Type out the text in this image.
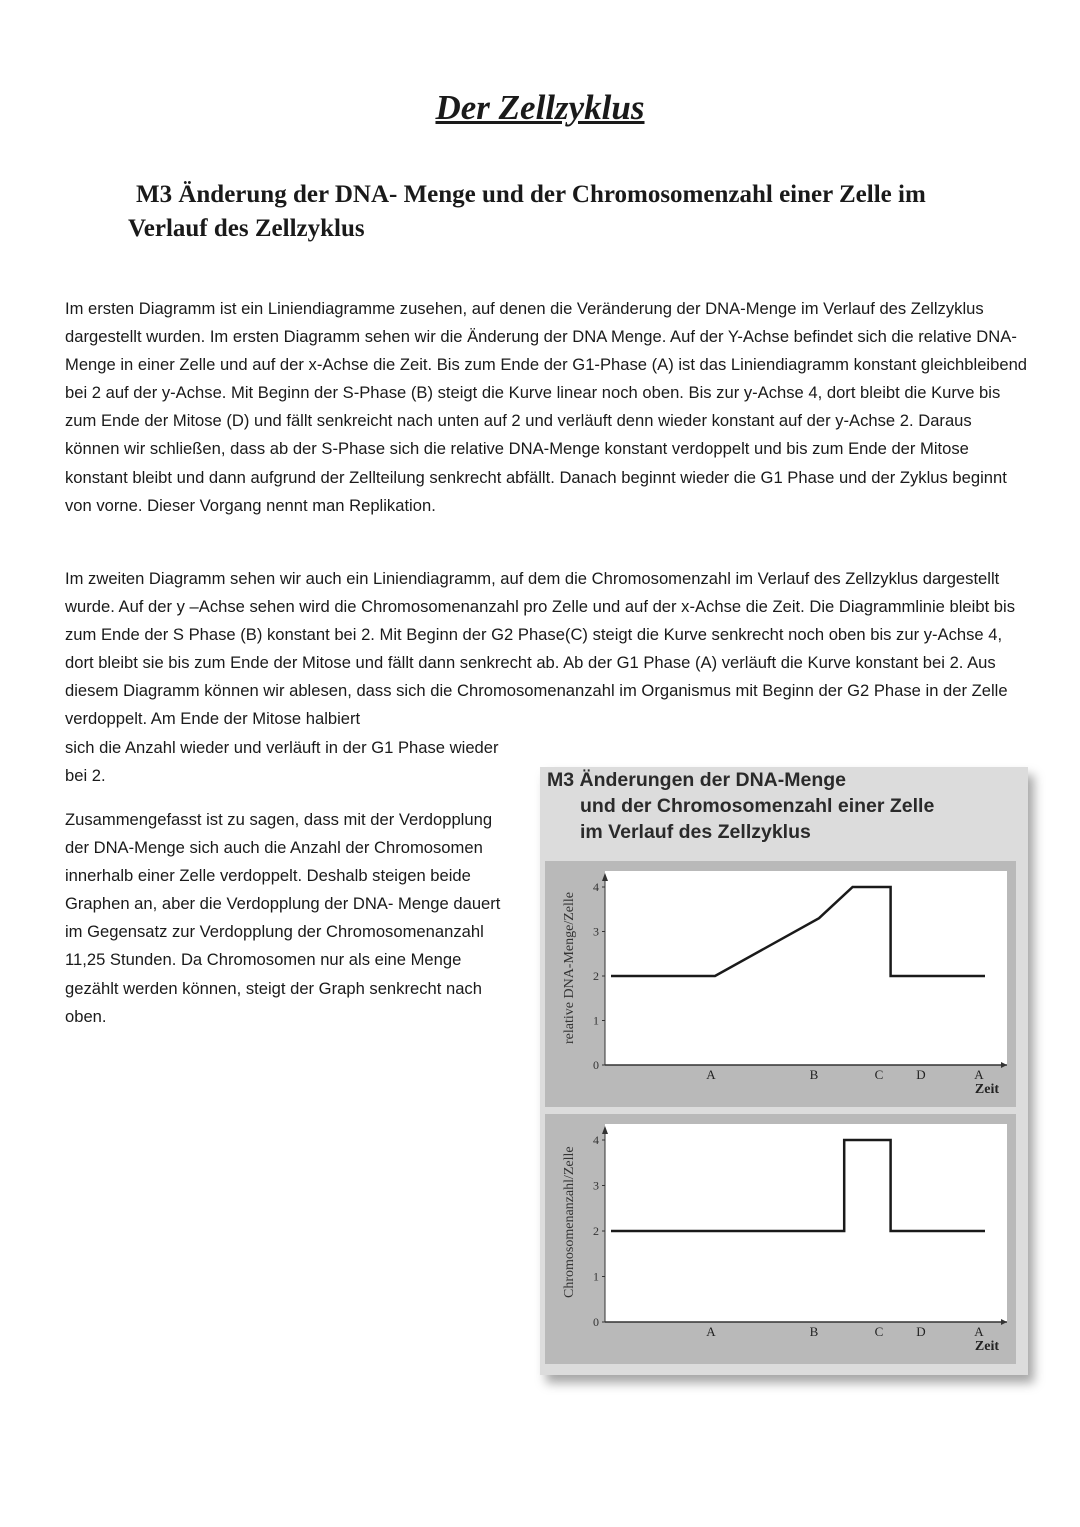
Der Zellzyklus
M3 Änderung der DNA- Menge und der Chromosomenzahl einer Zelle im
Verlauf des Zellzyklus

Im ersten Diagramm ist ein Liniendiagramme zusehen, auf denen die Veränderung der DNA-Menge im Verlauf des Zellzyklus dargestellt wurden. Im ersten Diagramm sehen wir die Änderung der DNA Menge. Auf der Y-Achse befindet sich die relative DNA-Menge in einer Zelle und auf der x-Achse die Zeit. Bis zum Ende der G1-Phase (A) ist das Liniendiagramm konstant gleichbleibend bei 2 auf der y-Achse. Mit Beginn der S-Phase (B) steigt die Kurve linear noch oben. Bis zur y-Achse 4, dort bleibt die Kurve bis zum Ende der Mitose (D) und fällt senkreicht nach unten auf 2 und verläuft denn wieder konstant auf der y-Achse 2. Daraus können wir schließen, dass ab der S-Phase sich die relative DNA-Menge konstant verdoppelt und bis zum Ende der Mitose konstant bleibt und dann aufgrund der Zellteilung senkrecht abfällt. Danach beginnt wieder die G1 Phase und der Zyklus beginnt von vorne. Dieser Vorgang nennt man Replikation.

Im zweiten Diagramm sehen wir auch ein Liniendiagramm, auf dem die Chromosomenzahl im Verlauf des Zellzyklus dargestellt wurde. Auf der y –Achse sehen wird die Chromosomenanzahl pro Zelle und auf der x-Achse die Zeit. Die Diagrammlinie bleibt bis zum Ende der S Phase (B) konstant bei 2. Mit Beginn der G2 Phase(C) steigt die Kurve senkrecht noch oben bis zur y-Achse 4, dort bleibt sie bis zum Ende der Mitose und fällt dann senkrecht ab. Ab der G1 Phase (A) verläuft die Kurve konstant bei 2. Aus diesem Diagramm können wir ablesen, dass sich die Chromosomenanzahl im Organismus mit Beginn der G2 Phase in der Zelle verdoppelt. Am Ende der Mitose halbiert
sich die Anzahl wieder und verläuft in der G1 Phase wieder bei 2.

Zusammengefasst ist zu sagen, dass mit der Verdopplung der DNA-Menge sich auch die Anzahl der Chromosomen innerhalb einer Zelle verdoppelt. Deshalb steigen beide Graphen an, aber die Verdopplung der DNA- Menge dauert im Gegensatz zur Verdopplung der Chromosomenanzahl 11,25 Stunden. Da Chromosomen nur als eine Menge gezählt werden können, steigt der Graph senkrecht nach oben.

M3 Änderungen der DNA-Menge
und der Chromosomenzahl einer Zelle
im Verlauf des Zellzyklus
relative DNA-Menge/Zelle
0
1
2
3
4
A	B	C	D	A
Zeit
Chromosomenanzahl/Zelle
0
1
2
3
4
A	B	C	D	A
Zeit
